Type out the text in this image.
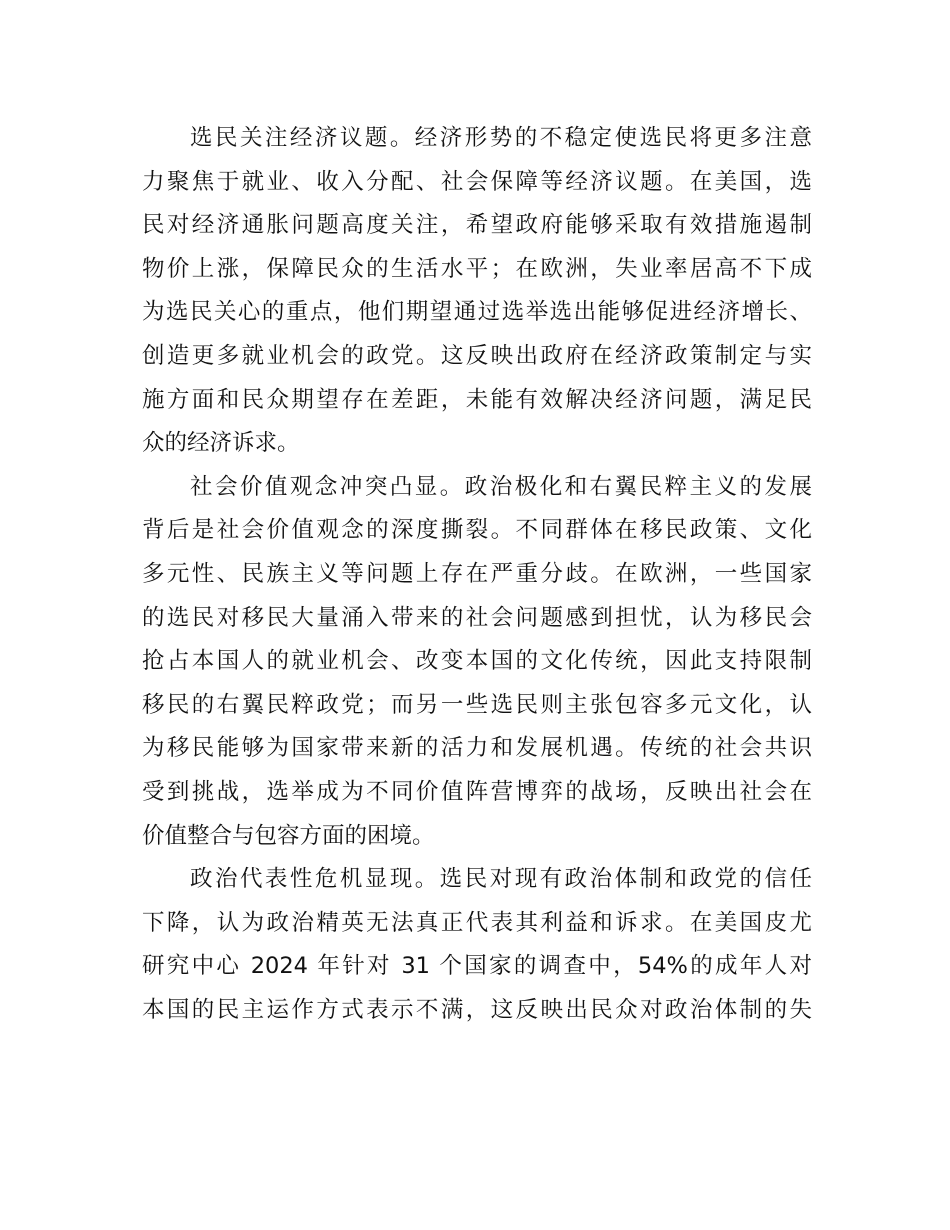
选民关注经济议题。经济形势的不稳定使选民将更多注意
力聚焦于就业、收入分配、社会保障等经济议题。在美国，选
民对经济通胀问题高度关注，希望政府能够采取有效措施遏制
物价上涨，保障民众的生活水平；在欧洲，失业率居高不下成
为选民关心的重点，他们期望通过选举选出能够促进经济增长、
创造更多就业机会的政党。这反映出政府在经济政策制定与实
施方面和民众期望存在差距，未能有效解决经济问题，满足民
众的经济诉求。
社会价值观念冲突凸显。政治极化和右翼民粹主义的发展
背后是社会价值观念的深度撕裂。不同群体在移民政策、文化
多元性、民族主义等问题上存在严重分歧。在欧洲，一些国家
的选民对移民大量涌入带来的社会问题感到担忧，认为移民会
抢占本国人的就业机会、改变本国的文化传统，因此支持限制
移民的右翼民粹政党；而另一些选民则主张包容多元文化，认
为移民能够为国家带来新的活力和发展机遇。传统的社会共识
受到挑战，选举成为不同价值阵营博弈的战场，反映出社会在
价值整合与包容方面的困境。
政治代表性危机显现。选民对现有政治体制和政党的信任
下降，认为政治精英无法真正代表其利益和诉求。在美国皮尤
研究中心 2024 年针对 31 个国家的调查中，54%的成年人对
本国的民主运作方式表示不满，这反映出民众对政治体制的失
